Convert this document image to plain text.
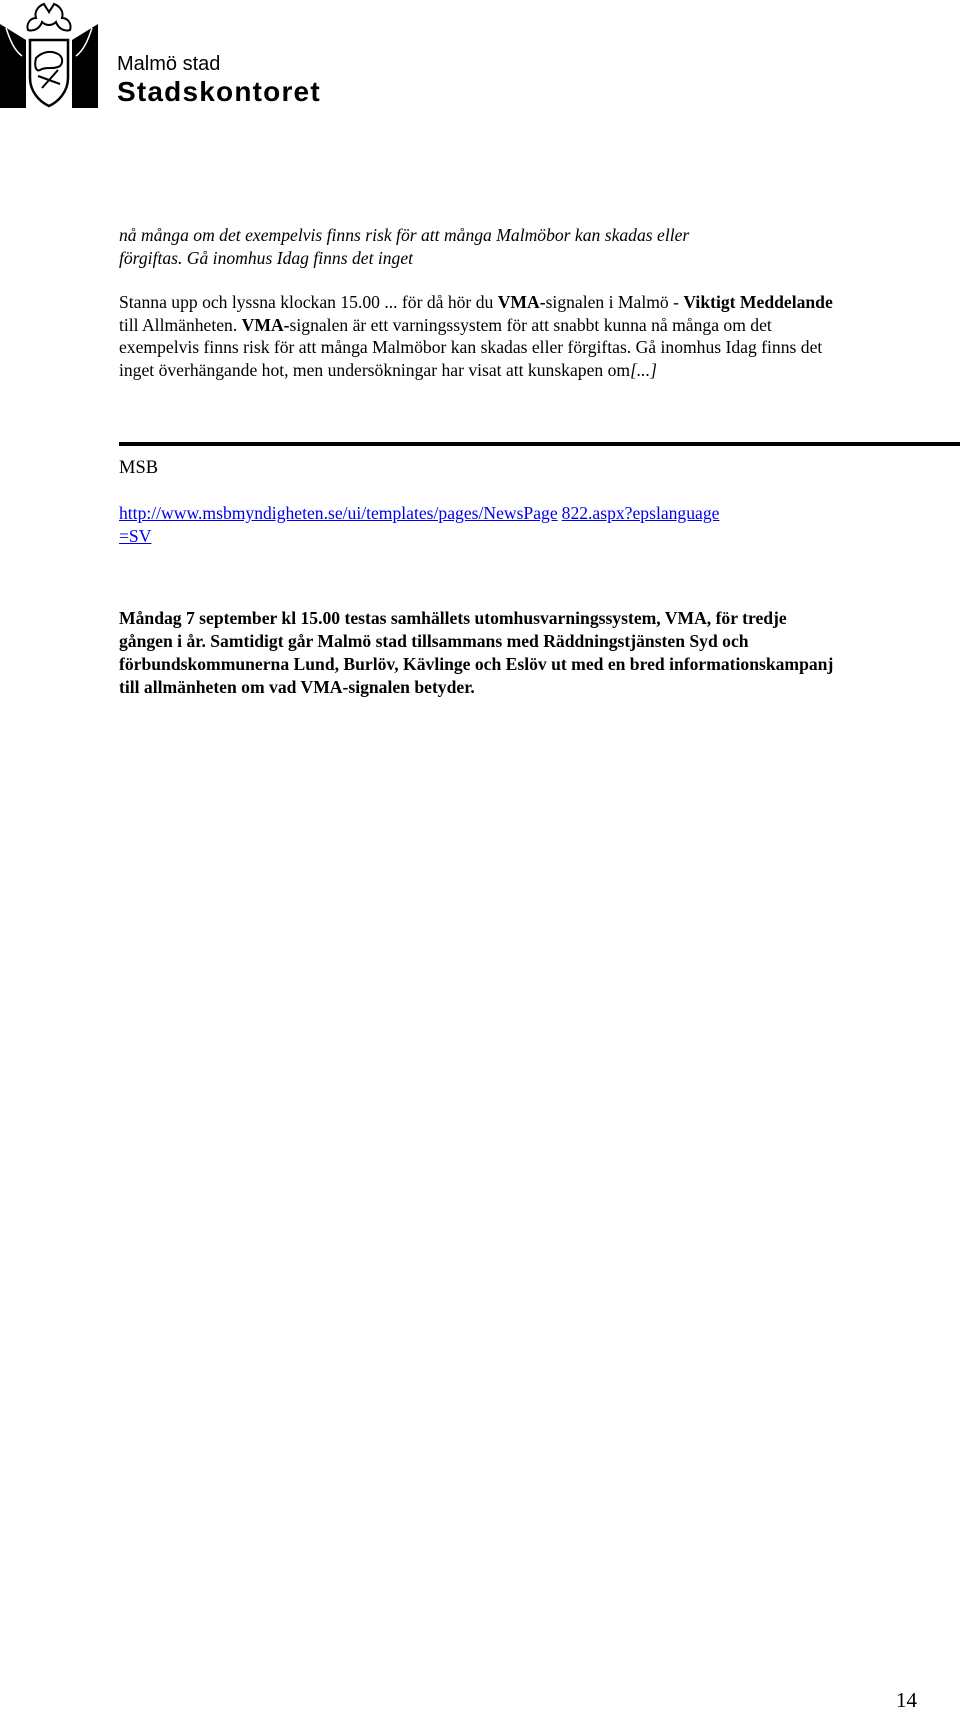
Malmö stad
Stadskontoret
nå många om det exempelvis finns risk för att många Malmöbor kan skadas eller
förgiftas. Gå inomhus Idag finns det inget
Stanna upp och lyssna klockan 15.00 ... för då hör du VMA-signalen i Malmö - Viktigt Meddelande till Allmänheten. VMA-signalen är ett varningssystem för att snabbt kunna nå många om det exempelvis finns risk för att många Malmöbor kan skadas eller förgiftas. Gå inomhus Idag finns det inget överhängande hot, men undersökningar har visat att kunskapen om[...]
MSB
http://www.msbmyndigheten.se/ui/templates/pages/NewsPage 822.aspx?epslanguage
=SV
Måndag 7 september kl 15.00 testas samhällets utomhusvarningssystem, VMA, för tredje gången i år. Samtidigt går Malmö stad tillsammans med Räddningstjänsten Syd och förbundskommunerna Lund, Burlöv, Kävlinge och Eslöv ut med en bred informationskampanj till allmänheten om vad VMA-signalen betyder.
14
